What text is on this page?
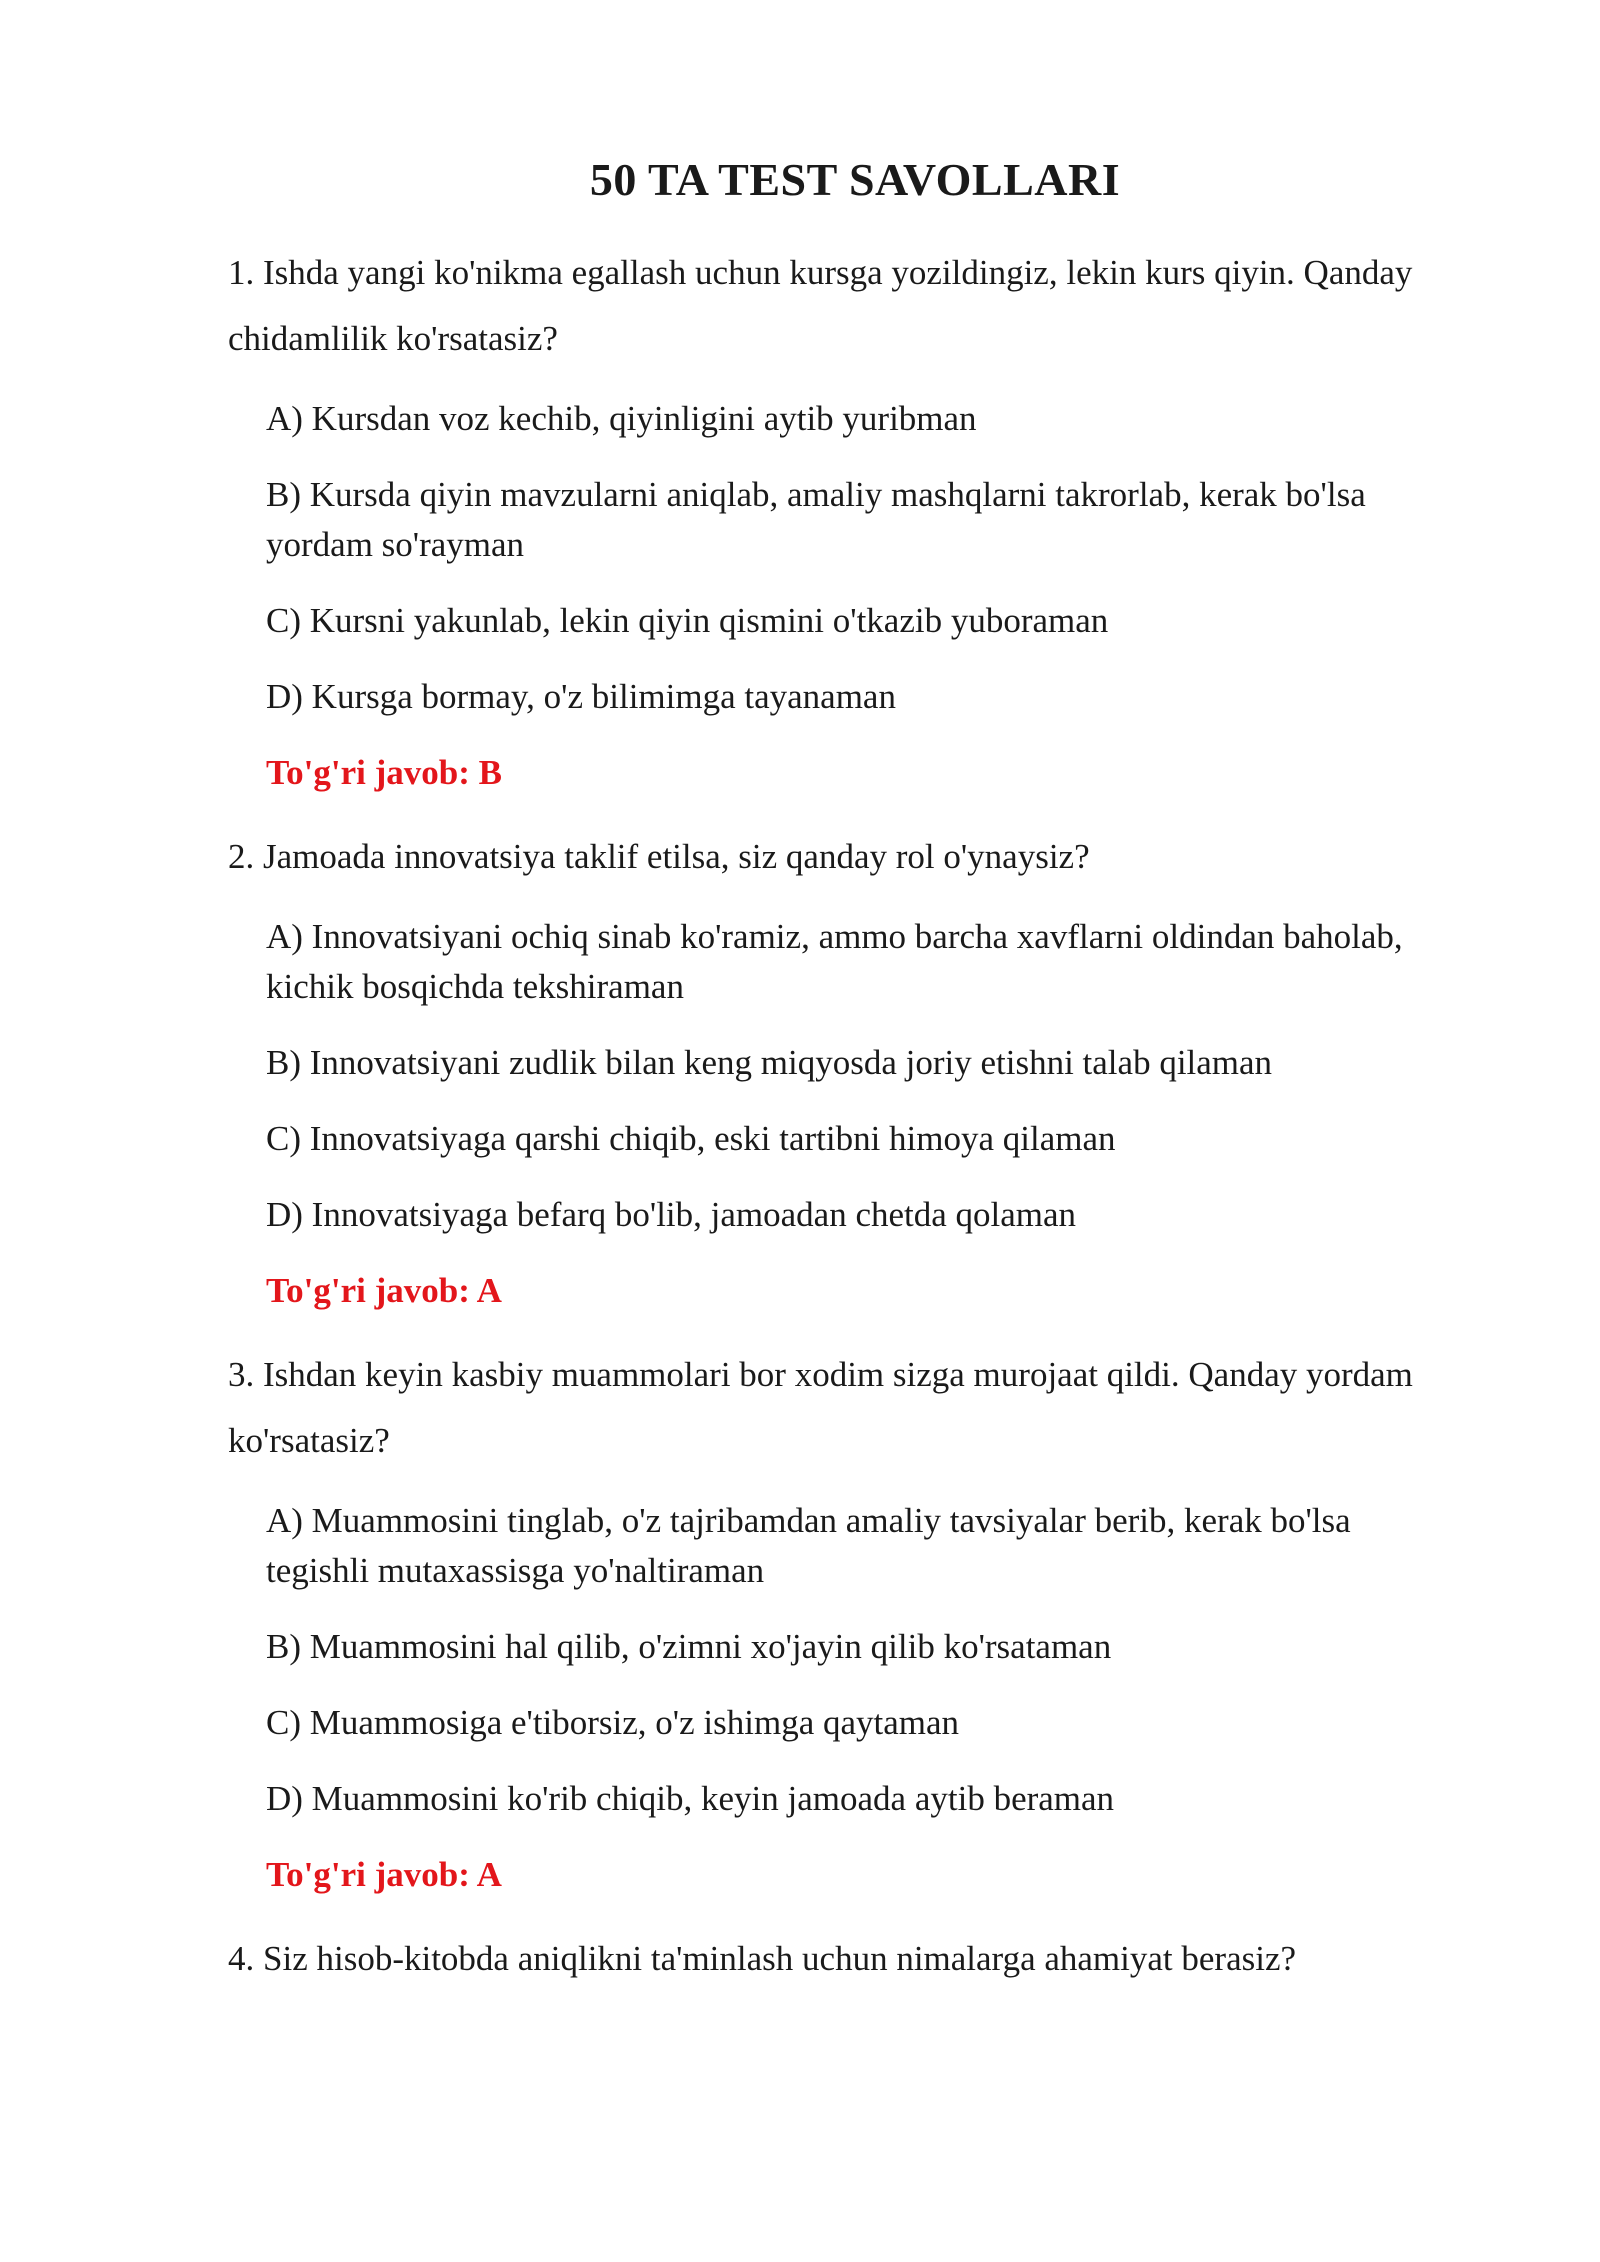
50 TA TEST SAVOLLARI

1. Ishda yangi ko'nikma egallash uchun kursga yozildingiz, lekin kurs qiyin. Qanday chidamlilik ko'rsatasiz?

A) Kursdan voz kechib, qiyinligini aytib yuribman

B) Kursda qiyin mavzularni aniqlab, amaliy mashqlarni takrorlab, kerak bo'lsa yordam so'rayman

C) Kursni yakunlab, lekin qiyin qismini o'tkazib yuboraman

D) Kursga bormay, o'z bilimimga tayanaman

To'g'ri javob: B

2. Jamoada innovatsiya taklif etilsa, siz qanday rol o'ynaysiz?

A) Innovatsiyani ochiq sinab ko'ramiz, ammo barcha xavflarni oldindan baholab, kichik bosqichda tekshiraman

B) Innovatsiyani zudlik bilan keng miqyosda joriy etishni talab qilaman

C) Innovatsiyaga qarshi chiqib, eski tartibni himoya qilaman

D) Innovatsiyaga befarq bo'lib, jamoadan chetda qolaman

To'g'ri javob: A

3. Ishdan keyin kasbiy muammolari bor xodim sizga murojaat qildi. Qanday yordam ko'rsatasiz?

A) Muammosini tinglab, o'z tajribamdan amaliy tavsiyalar berib, kerak bo'lsa tegishli mutaxassisga yo'naltiraman

B) Muammosini hal qilib, o'zimni xo'jayin qilib ko'rsataman

C) Muammosiga e'tiborsiz, o'z ishimga qaytaman

D) Muammosini ko'rib chiqib, keyin jamoada aytib beraman

To'g'ri javob: A

4. Siz hisob-kitobda aniqlikni ta'minlash uchun nimalarga ahamiyat berasiz?
